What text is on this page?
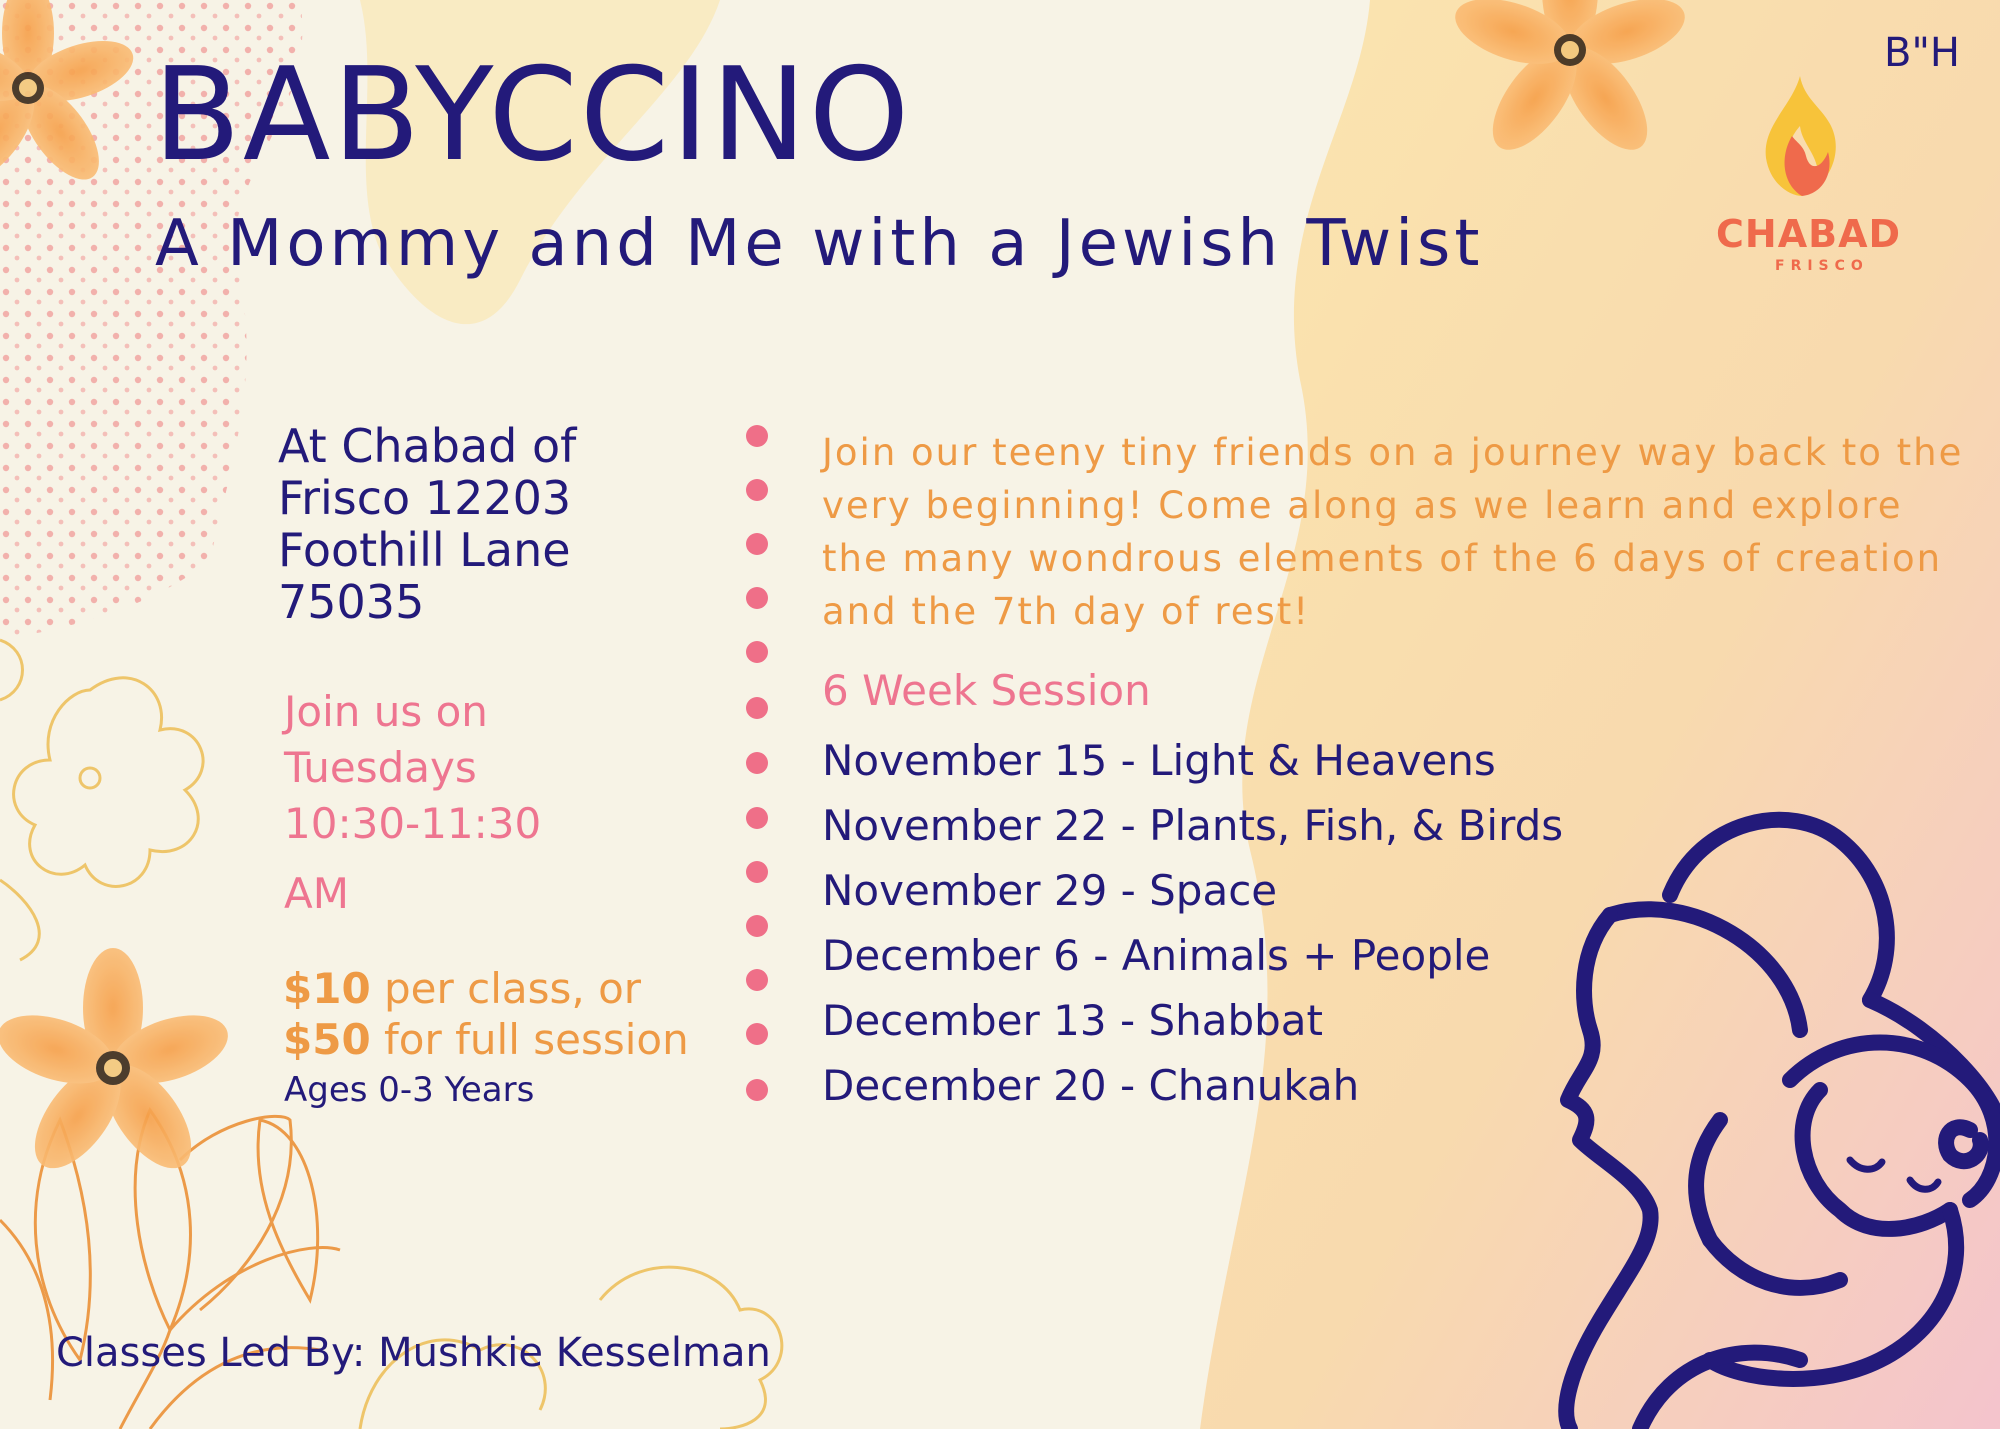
B"H
CHABAD
FRISCO
BABYCCINO
A Mommy and Me with a Jewish Twist
At Chabad of
Frisco 12203
Foothill Lane
75035
Join us on
Tuesdays
10:30-11:30
AM
$10 per class, or
$50 for full session
Ages 0-3 Years
Join our teeny tiny friends on a journey way back to the very beginning! Come along as we learn and explore the many wondrous elements of the 6 days of creation and the 7th day of rest!
6 Week Session
November 15 - Light & Heavens
November 22 - Plants, Fish, & Birds
November 29 - Space
December 6 - Animals + People
December 13 - Shabbat
December 20 - Chanukah
Classes Led By: Mushkie Kesselman
